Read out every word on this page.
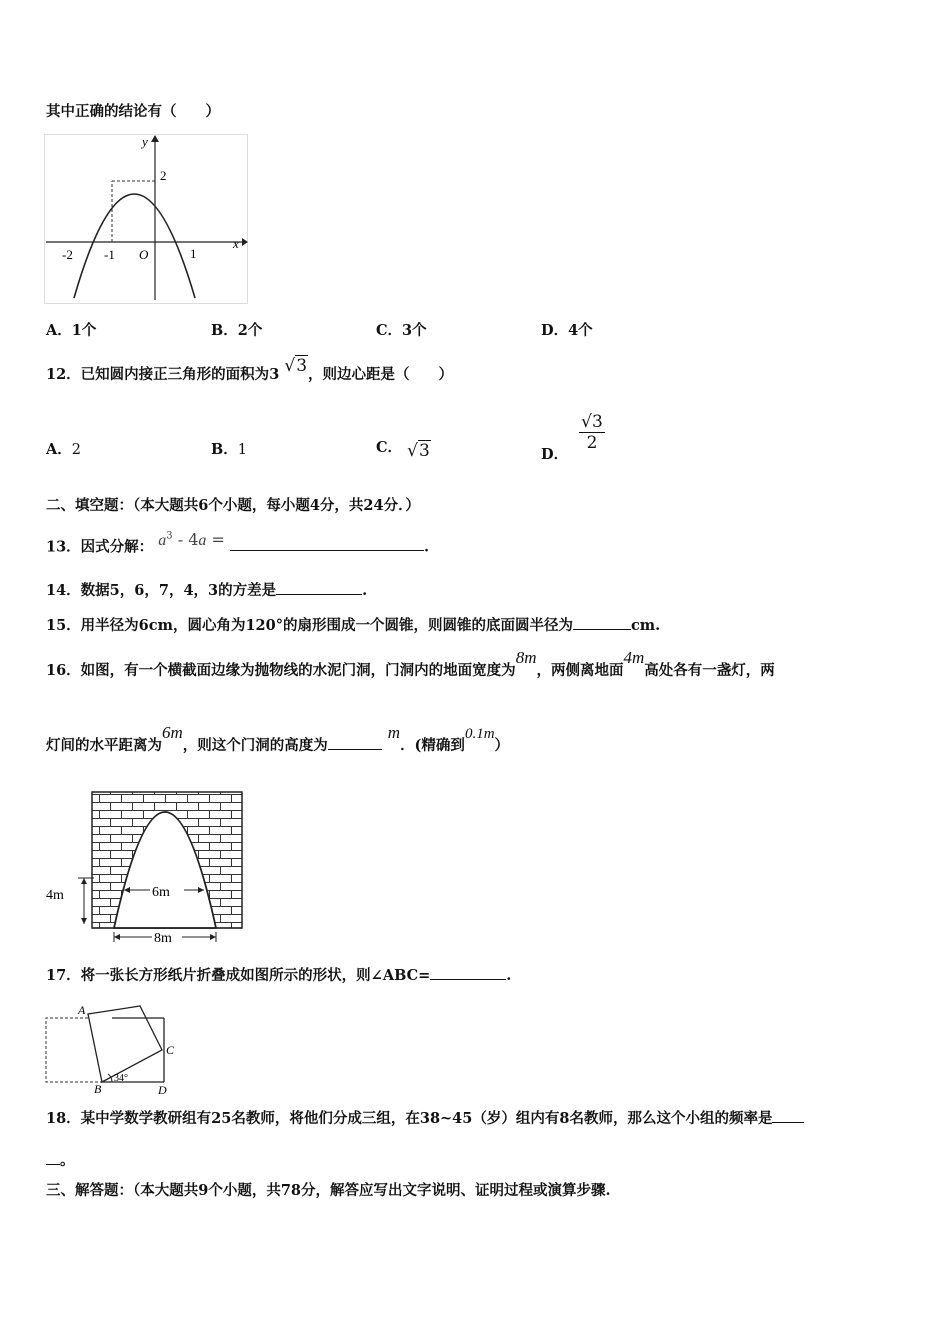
其中正确的结论有（　　）
y
x
2
-2 -1 O	1
A．1个	B．2个	C．3个	D．4个
12．已知圆内接正三角形的面积为3 √3，则边心距是（　　）
A．2	B．1	C． √3	D．
$\frac{√3}{2}$
二、填空题：（本大题共6个小题，每小题4分，共24分．）
13．因式分解： $a^3 - 4a$ =	.
14．数据5，6，7，4，3的方差是	.
15．用半径为6cm，圆心角为120°的扇形围成一个圆锥，则圆锥的底面圆半径为	cm.
16．如图，有一个横截面边缘为抛物线的水泥门洞，门洞内的地面宽度为8m，两侧离地面4m高处各有一盏灯，两
灯间的水平距离为6m，则这个门洞的高度为m．(精确到0.1m）
6m
4m
8m
17．将一张长方形纸片折叠成如图所示的形状，则∠ABC=	.
A
B
C
D
34°
18．某中学数学教研组有25名教师，将他们分成三组，在38~45（岁）组内有8名教师，那么这个小组的频率是
。
三、解答题：（本大题共9个小题，共78分，解答应写出文字说明、证明过程或演算步骤.
